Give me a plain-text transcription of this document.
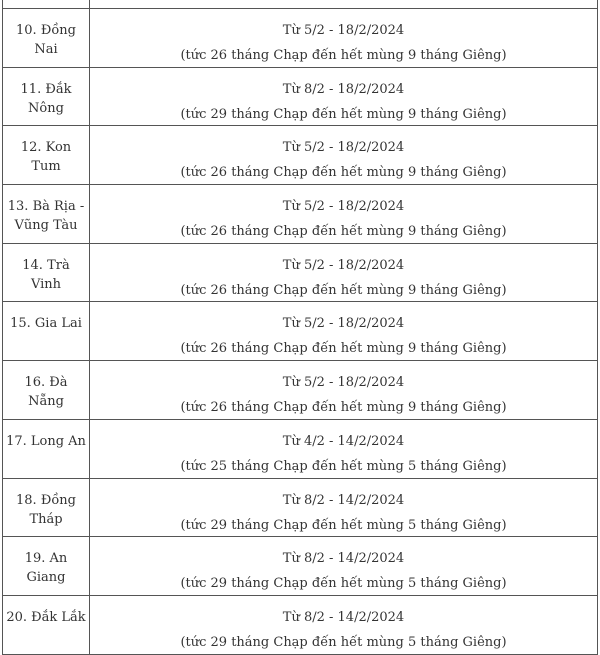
10. Đồng Nai	Từ 5/2 - 18/2/2024
(tức 26 tháng Chạp đến hết mùng 9 tháng Giêng)

11. Đắk Nông	Từ 8/2 - 18/2/2024
(tức 29 tháng Chạp đến hết mùng 9 tháng Giêng)

12. Kon Tum	Từ 5/2 - 18/2/2024
(tức 26 tháng Chạp đến hết mùng 9 tháng Giêng)

13. Bà Rịa - Vũng Tàu	Từ 5/2 - 18/2/2024
(tức 26 tháng Chạp đến hết mùng 9 tháng Giêng)

14. Trà Vinh	Từ 5/2 - 18/2/2024
(tức 26 tháng Chạp đến hết mùng 9 tháng Giêng)

15. Gia Lai	Từ 5/2 - 18/2/2024
(tức 26 tháng Chạp đến hết mùng 9 tháng Giêng)

16. Đà Nẵng	Từ 5/2 - 18/2/2024
(tức 26 tháng Chạp đến hết mùng 9 tháng Giêng)

17. Long An	Từ 4/2 - 14/2/2024
(tức 25 tháng Chạp đến hết mùng 5 tháng Giêng)

18. Đồng Tháp	Từ 8/2 - 14/2/2024
(tức 29 tháng Chạp đến hết mùng 5 tháng Giêng)

19. An Giang	Từ 8/2 - 14/2/2024
(tức 29 tháng Chạp đến hết mùng 5 tháng Giêng)

20. Đắk Lắk	Từ 8/2 - 14/2/2024
(tức 29 tháng Chạp đến hết mùng 5 tháng Giêng)
